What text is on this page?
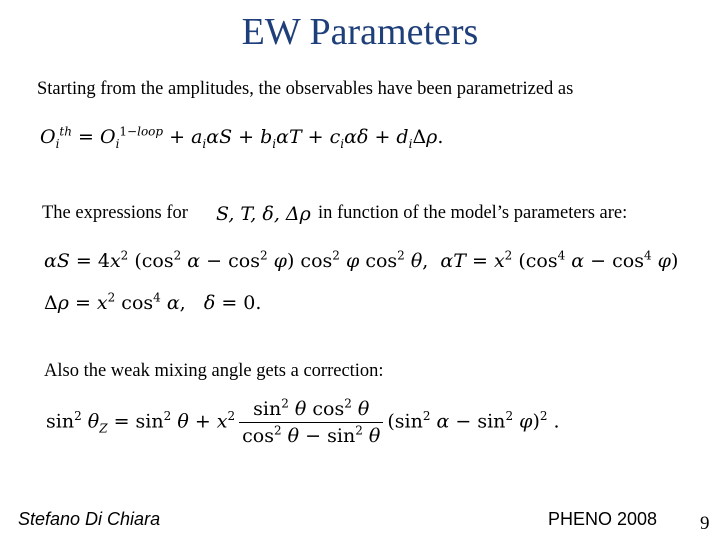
EW Parameters
Starting from the amplitudes, the observables have been parametrized as
$O_i^{th} = O_i^{1-loop} + a_i\alpha S + b_i\alpha T + c_i\alpha\delta + d_i\Delta\rho$.
The expressions for S, T, δ, Δρ in function of the model’s parameters are:
$\alpha S = 4x^2$ ($\cos^2$ $\alpha - \cos^2 \varphi$) $\cos^2 \varphi$ $\cos^2 \theta$,  $\alpha T = x^2$ ($\cos^4$ $\alpha - \cos^4 \varphi$)
$\Delta\rho = x^2$ $\cos^4 \alpha$,   δ = 0.
Also the weak mixing angle gets a correction:
$\sin^2 \theta_Z = \sin^2 \theta + x^2 \frac{\sin^2 \theta \cos^2 \theta}{\cos^2 \theta - \sin^2 \theta} (\sin^2$ $\alpha - \sin^2 \varphi)^2$ .
Stefano Di Chiara	PHENO 2008 9
